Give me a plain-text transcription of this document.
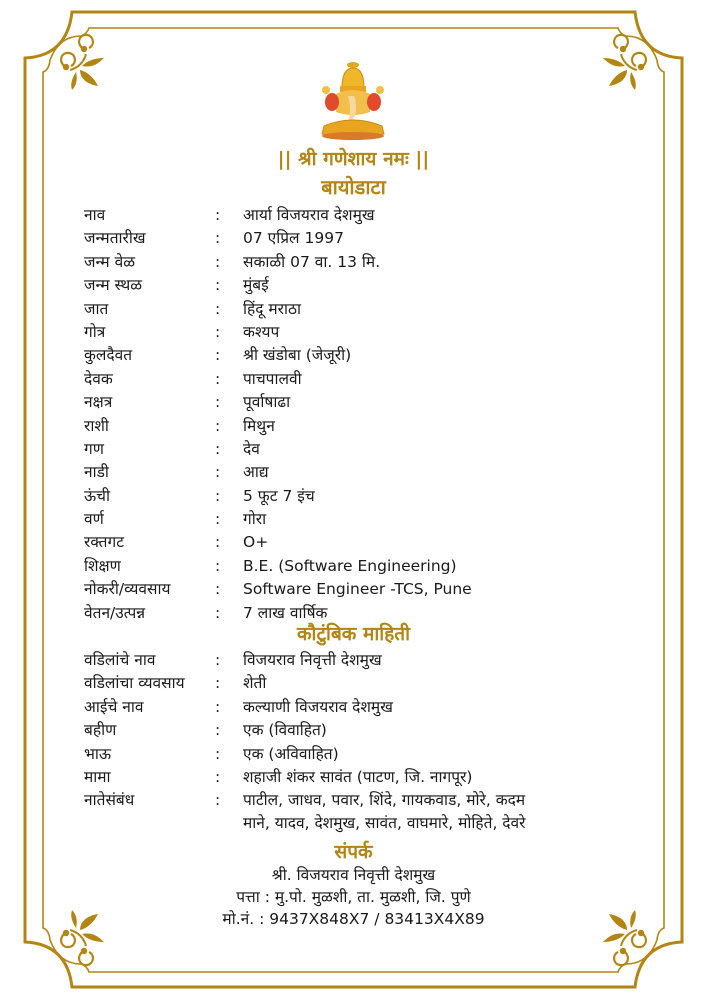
|| श्री गणेशाय नमः ||
बायोडाटा
नाव	: आर्या विजयराव देशमुख
जन्मतारीख	: 07 एप्रिल 1997
जन्म वेळ	: सकाळी 07 वा. 13 मि.
जन्म स्थळ	: मुंबई
जात	: हिंदू मराठा
गोत्र	: कश्यप
कुलदैवत	: श्री खंडोबा (जेजूरी)
देवक	: पाचपालवी
नक्षत्र	: पूर्वाषाढा
राशी	: मिथुन
गण	: देव
नाडी	: आद्य
ऊंची	: 5 फूट 7 इंच
वर्ण	: गोरा
रक्तगट	: O+
शिक्षण	: B.E. (Software Engineering)
नोकरी/व्यवसाय	: Software Engineer -TCS, Pune
वेतन/उत्पन्न	: 7 लाख वार्षिक
कौटुंबिक माहिती
वडिलांचे नाव	: विजयराव निवृत्ती देशमुख
वडिलांचा व्यवसाय : शेती
आईचे नाव	: कल्याणी विजयराव देशमुख
बहीण	: एक (विवाहित)
भाऊ	: एक (अविवाहित)
मामा	: शहाजी शंकर सावंत (पाटण, जि. नागपूर)
नातेसंबंध	: पाटील, जाधव, पवार, शिंदे, गायकवाड, मोरे, कदम
माने, यादव, देशमुख, सावंत, वाघमारे, मोहिते, देवरे
संपर्क
श्री. विजयराव निवृत्ती देशमुख
पत्ता : मु.पो. मुळशी, ता. मुळशी, जि. पुणे
मो.नं. : 9437X848X7 / 83413X4X89
